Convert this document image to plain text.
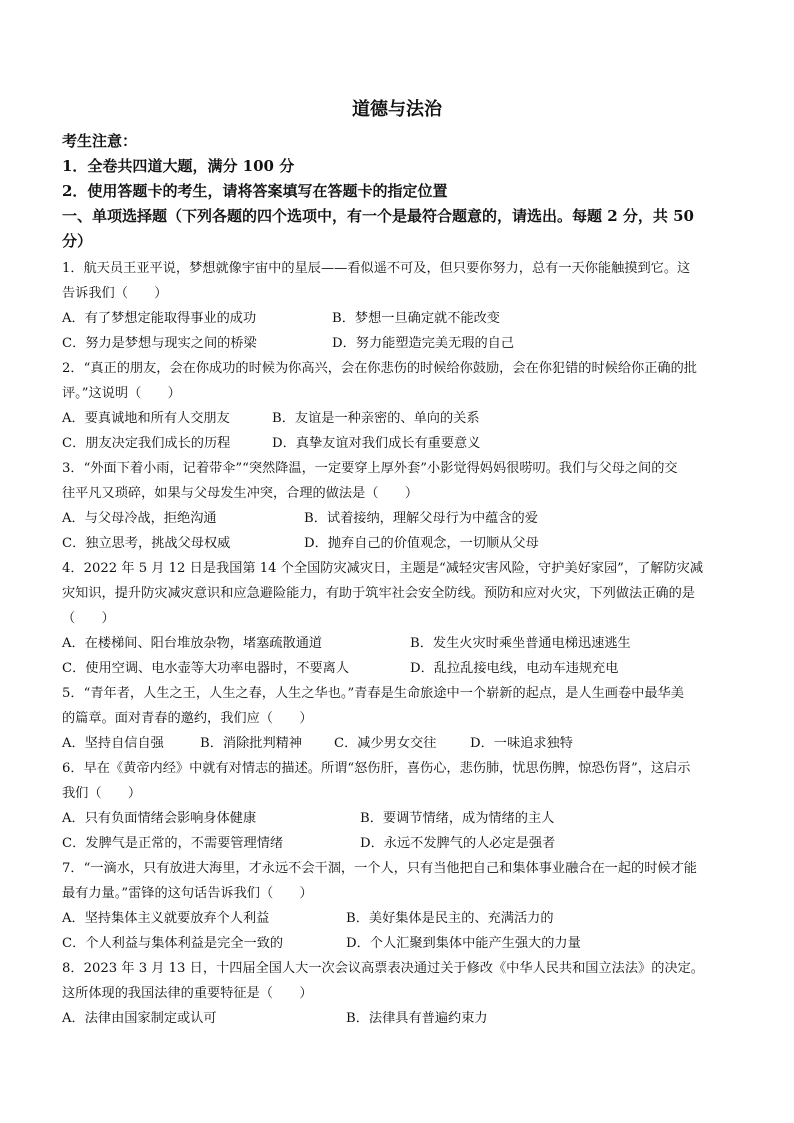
道德与法治
考生注意：
1．全卷共四道大题，满分 100 分
2．使用答题卡的考生，请将答案填写在答题卡的指定位置
一、单项选择题（下列各题的四个选项中，有一个是最符合题意的，请选出。每题 2 分，共 50
分）

1．航天员王亚平说，梦想就像宇宙中的星辰——看似遥不可及，但只要你努力，总有一天你能触摸到它。这

告诉我们（　　）

A．有了梦想定能取得事业的成功	B．梦想一旦确定就不能改变
C．努力是梦想与现实之间的桥梁	D．努力能塑造完美无瑕的自己

2．“真正的朋友，会在你成功的时候为你高兴，会在你悲伤的时候给你鼓励，会在你犯错的时候给你正确的批

评。”这说明（　　）

A．要真诚地和所有人交朋友	B．友谊是一种亲密的、单向的关系
C．朋友决定我们成长的历程	D．真挚友谊对我们成长有重要意义

3．“外面下着小雨，记着带伞”“突然降温，一定要穿上厚外套”小影觉得妈妈很唠叨。我们与父母之间的交

往平凡又琐碎，如果与父母发生冲突，合理的做法是（　　）

A．与父母冷战，拒绝沟通	B．试着接纳，理解父母行为中蕴含的爱
C．独立思考，挑战父母权威	D．抛弃自己的价值观念，一切顺从父母

4．2022 年 5 月 12 日是我国第 14 个全国防灾减灾日，主题是“减轻灾害风险，守护美好家园”，了解防灾减

灾知识，提升防灾减灾意识和应急避险能力，有助于筑牢社会安全防线。预防和应对火灾，下列做法正确的是

（　　）

A．在楼梯间、阳台堆放杂物，堵塞疏散通道	B．发生火灾时乘坐普通电梯迅速逃生
C．使用空调、电水壶等大功率电器时，不要离人	D．乱拉乱接电线，电动车违规充电

5．“青年者，人生之王，人生之春，人生之华也。”青春是生命旅途中一个崭新的起点，是人生画卷中最华美

的篇章。面对青春的邀约，我们应（　　）

A．坚持自信自强	B．消除批判精神 C．减少男女交往	D．一味追求独特

6．早在《黄帝内经》中就有对情志的描述。所谓“怒伤肝，喜伤心，悲伤肺，忧思伤脾，惊恐伤肾”，这启示

我们（　　）

A．只有负面情绪会影响身体健康	B．要调节情绪，成为情绪的主人
C．发脾气是正常的，不需要管理情绪	D．永远不发脾气的人必定是强者

7．“一滴水，只有放进大海里，才永远不会干涸，一个人，只有当他把自己和集体事业融合在一起的时候才能

最有力量。”雷锋的这句话告诉我们（　　）

A．坚持集体主义就要放弃个人利益	B．美好集体是民主的、充满活力的
C．个人利益与集体利益是完全一致的	D．个人汇聚到集体中能产生强大的力量

8．2023 年 3 月 13 日，十四届全国人大一次会议高票表决通过关于修改《中华人民共和国立法法》的决定。

这所体现的我国法律的重要特征是（　　）

A．法律由国家制定或认可	B．法律具有普遍约束力
